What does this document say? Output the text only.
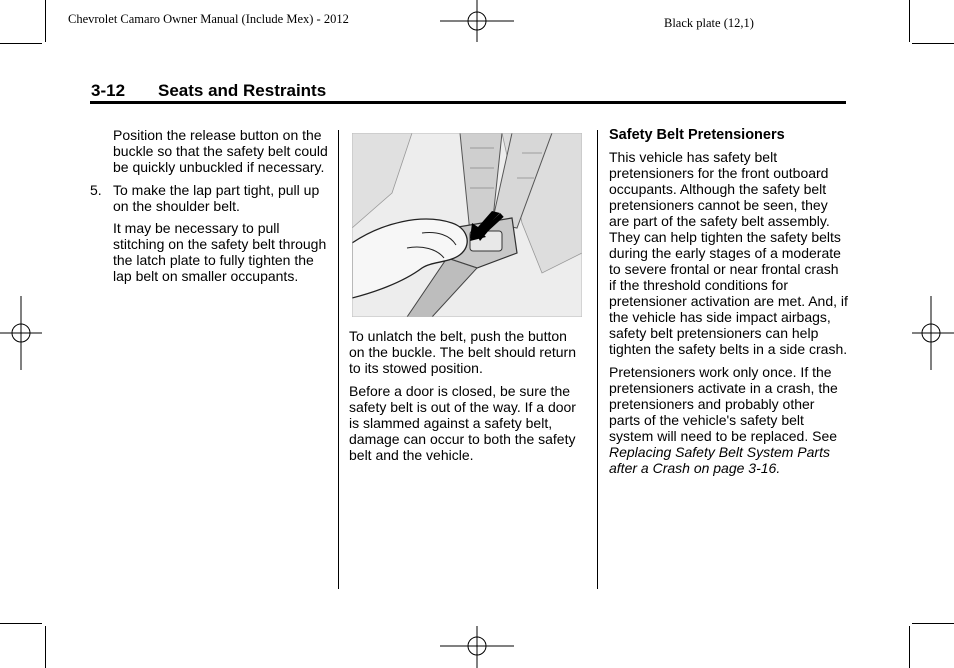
Chevrolet Camaro Owner Manual (Include Mex) - 2012	Black plate (12,1)
3-12 Seats and Restraints

Position the release button on the buckle so that the safety belt could be quickly unbuckled if necessary.

5. To make the lap part tight, pull up on the shoulder belt.

It may be necessary to pull stitching on the safety belt through the latch plate to fully tighten the lap belt on smaller occupants.

To unlatch the belt, push the button on the buckle. The belt should return to its stowed position.

Before a door is closed, be sure the safety belt is out of the way. If a door is slammed against a safety belt, damage can occur to both the safety belt and the vehicle.

Safety Belt Pretensioners

This vehicle has safety belt pretensioners for the front outboard occupants. Although the safety belt pretensioners cannot be seen, they are part of the safety belt assembly. They can help tighten the safety belts during the early stages of a moderate to severe frontal or near frontal crash if the threshold conditions for pretensioner activation are met. And, if the vehicle has side impact airbags, safety belt pretensioners can help tighten the safety belts in a side crash.

Pretensioners work only once. If the pretensioners activate in a crash, the pretensioners and probably other parts of the vehicle's safety belt system will need to be replaced. See Replacing Safety Belt System Parts after a Crash on page 3-16.
